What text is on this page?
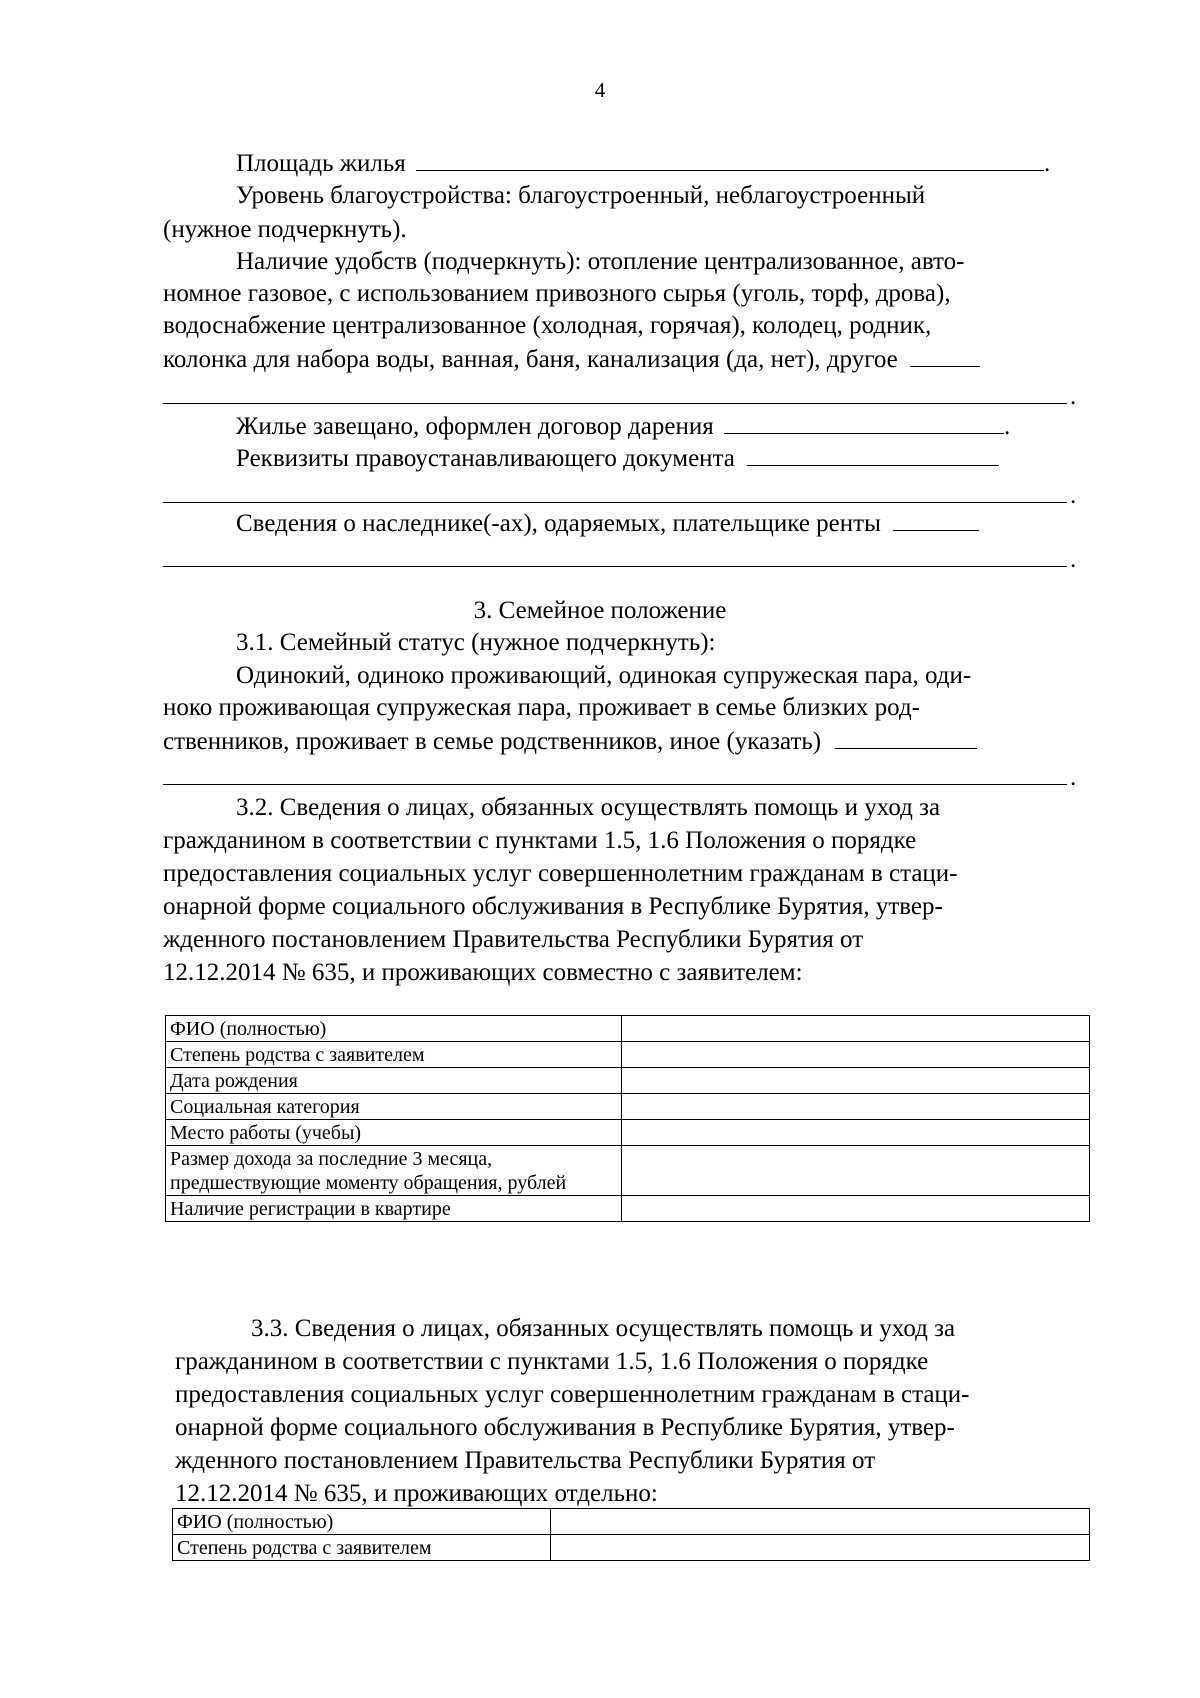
4
Площадь жилья	.
Уровень благоустройства: благоустроенный, неблагоустроенный
(нужное подчеркнуть).
Наличие удобств (подчеркнуть): отопление централизованное, авто-
номное газовое, с использованием привозного сырья (уголь, торф, дрова),
водоснабжение централизованное (холодная, горячая), колодец, родник,
колонка для набора воды, ванная, баня, канализация (да, нет), другое
.
Жилье завещано, оформлен договор дарения	.
Реквизиты правоустанавливающего документа
.
Сведения о наследнике(-ах), одаряемых, плательщике ренты
.
3. Семейное положение
3.1. Семейный статус (нужное подчеркнуть):
Одинокий, одиноко проживающий, одинокая супружеская пара, оди-
ноко проживающая супружеская пара, проживает в семье близких род-
ственников, проживает в семье родственников, иное (указать)
.
3.2. Сведения о лицах, обязанных осуществлять помощь и уход за
гражданином в соответствии с пунктами 1.5, 1.6 Положения о порядке
предоставления социальных услуг совершеннолетним гражданам в стаци-
онарной форме социального обслуживания в Республике Бурятия, утвер-
жденного постановлением Правительства Республики Бурятия от
12.12.2014 № 635, и проживающих совместно с заявителем:
ФИО (полностью)	
Степень родства с заявителем	
Дата рождения	
Социальная категория	
Место работы (учебы)	
Размер дохода за последние 3 месяца, предшествующие моменту обращения, рублей	
Наличие регистрации в квартире	
3.3. Сведения о лицах, обязанных осуществлять помощь и уход за
гражданином в соответствии с пунктами 1.5, 1.6 Положения о порядке
предоставления социальных услуг совершеннолетним гражданам в стаци-
онарной форме социального обслуживания в Республике Бурятия, утвер-
жденного постановлением Правительства Республики Бурятия от
12.12.2014 № 635, и проживающих отдельно:
ФИО (полностью)	
Степень родства с заявителем	
